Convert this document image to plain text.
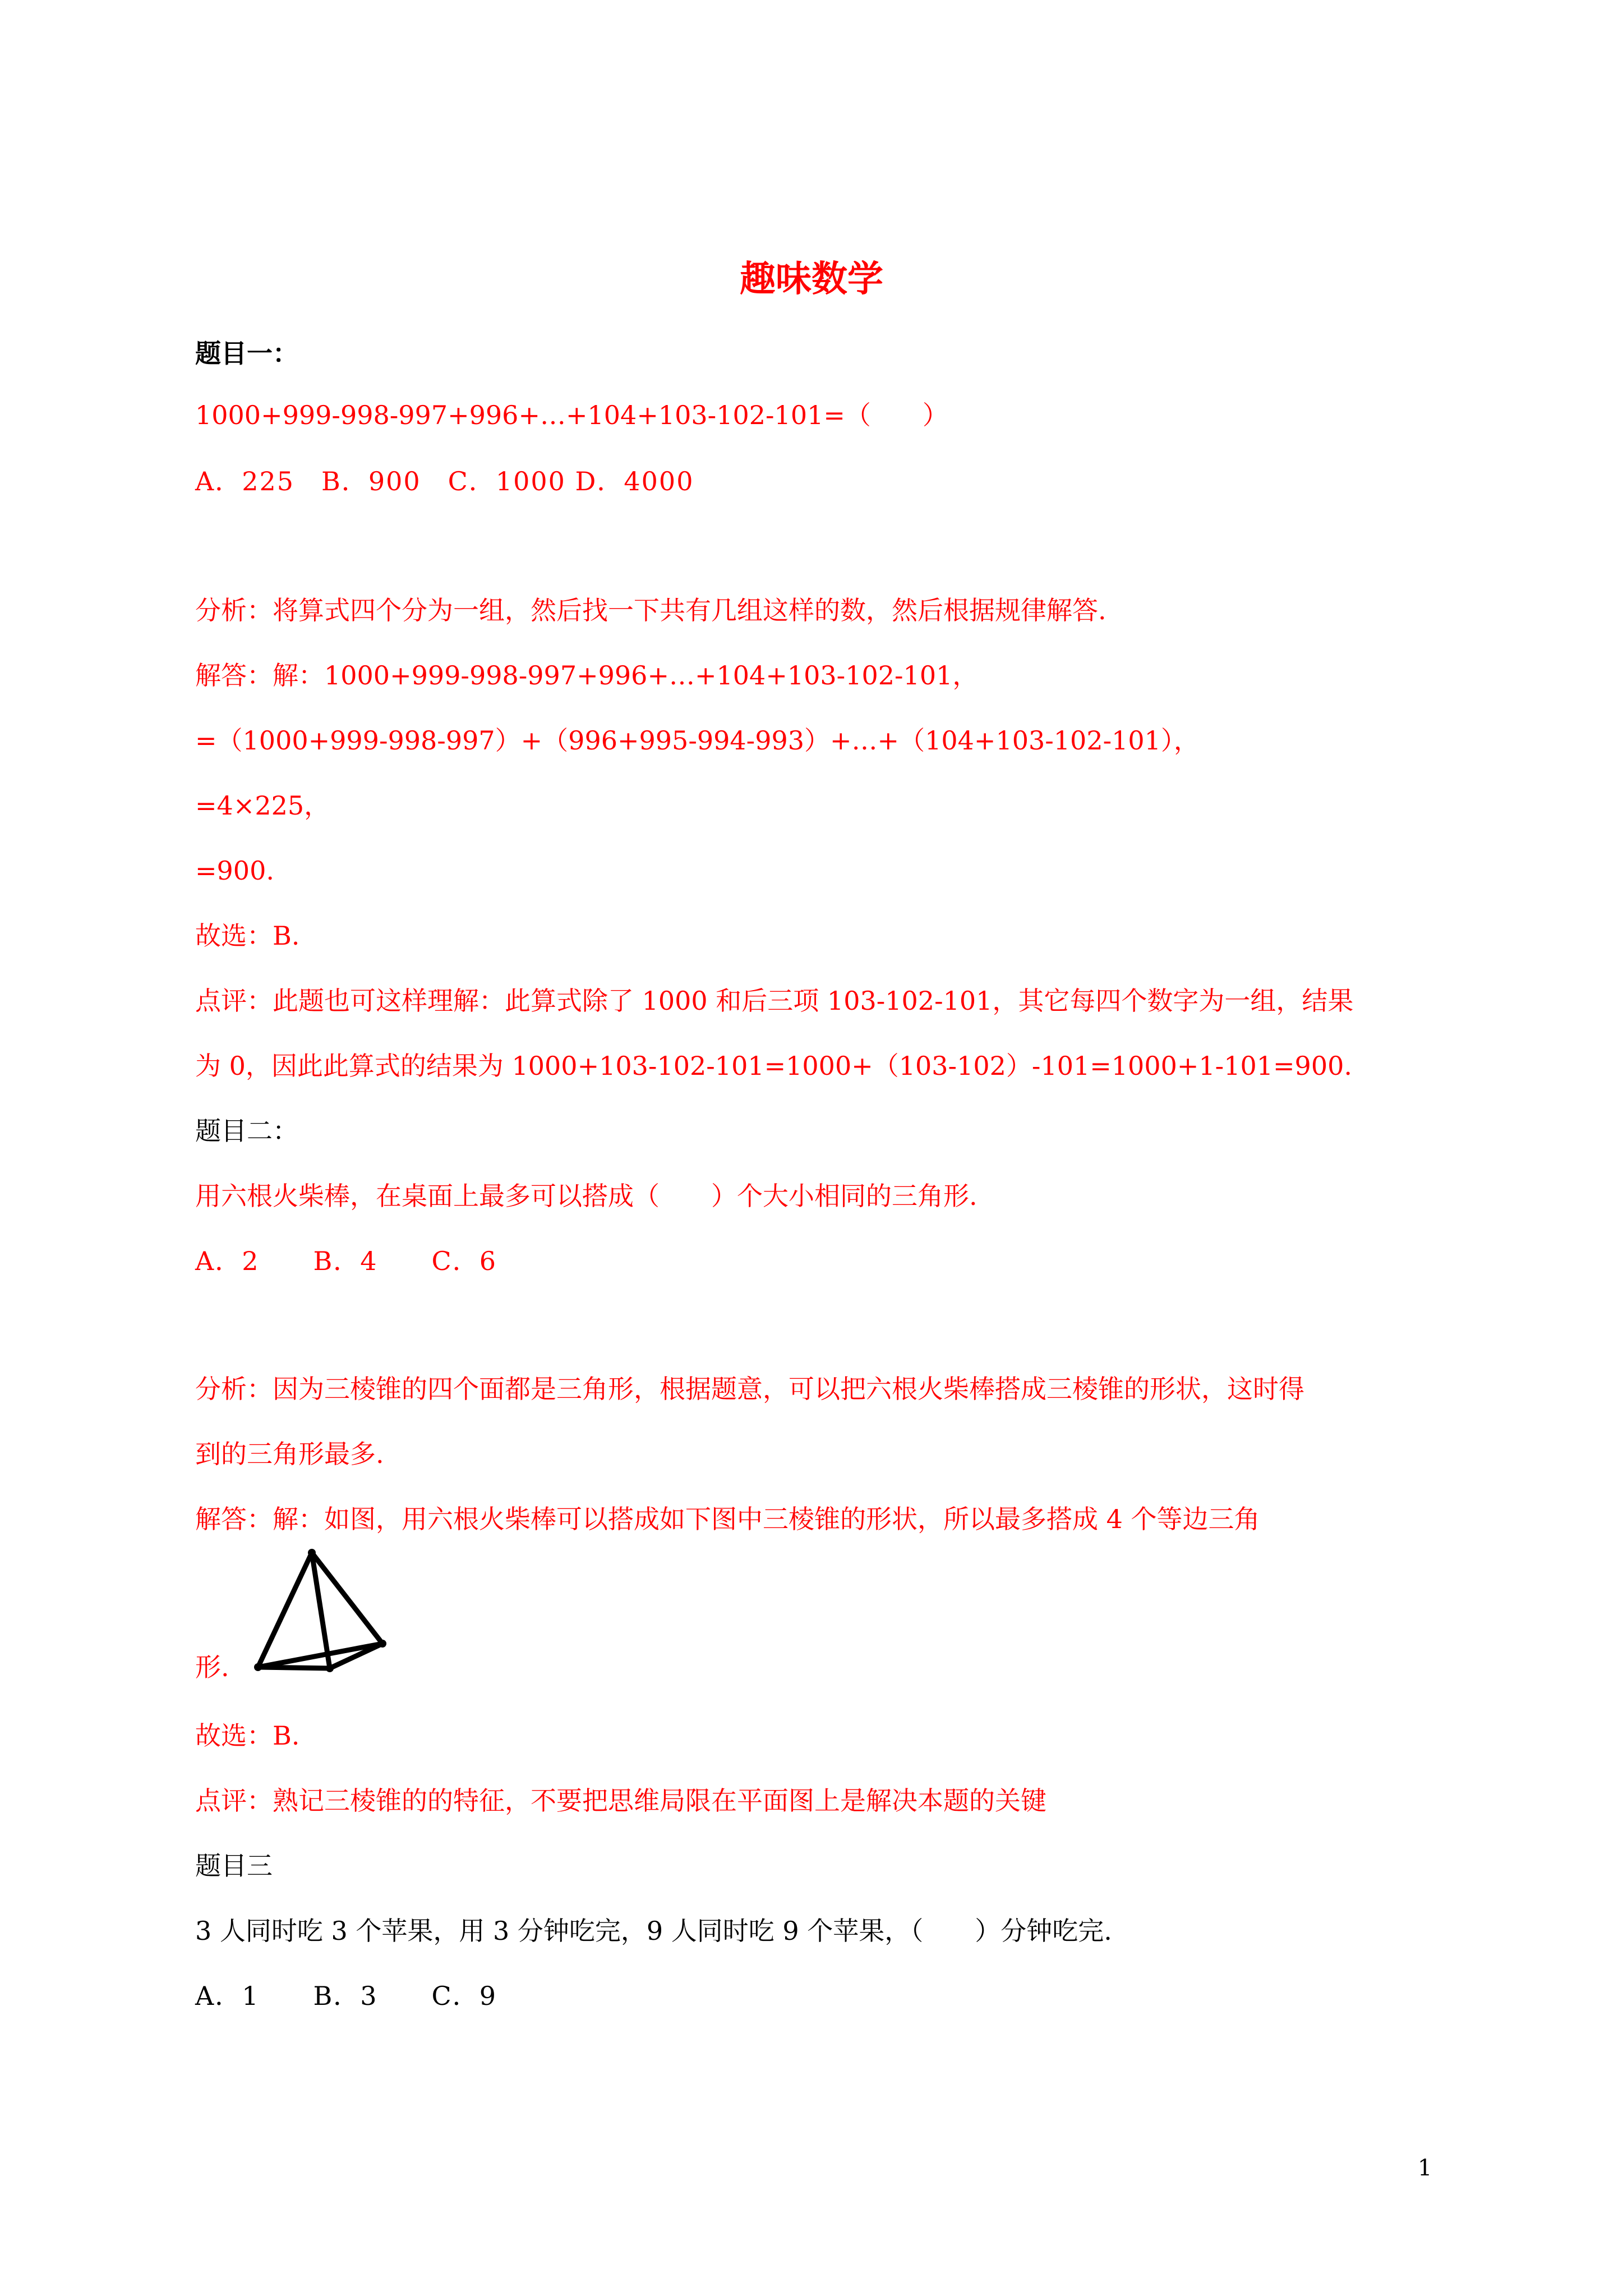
趣味数学
题目一：
1000+999-998-997+996+…+104+103-102-101=（　　）
A．225　B．900　C．1000 D．4000
分析：将算式四个分为一组，然后找一下共有几组这样的数，然后根据规律解答.
解答：解：1000+999-998-997+996+…+104+103-102-101，
=（1000+999-998-997）+（996+995-994-993）+…+（104+103-102-101），
=4×225，
=900.
故选：B.
点评：此题也可这样理解：此算式除了 1000 和后三项 103-102-101，其它每四个数字为一组，结果
为 0，因此此算式的结果为 1000+103-102-101=1000+（103-102）-101=1000+1-101=900.
题目二：
用六根火柴棒，在桌面上最多可以搭成（　　）个大小相同的三角形.
A．2　　B．4　　C．6
分析：因为三棱锥的四个面都是三角形，根据题意，可以把六根火柴棒搭成三棱锥的形状，这时得
到的三角形最多.
解答：解：如图，用六根火柴棒可以搭成如下图中三棱锥的形状，所以最多搭成 4 个等边三角
形.
故选：B.
点评：熟记三棱锥的的特征，不要把思维局限在平面图上是解决本题的关键
题目三
3 人同时吃 3 个苹果，用 3 分钟吃完，9 人同时吃 9 个苹果，（　　）分钟吃完.
A．1　　B．3　　C．9
1
